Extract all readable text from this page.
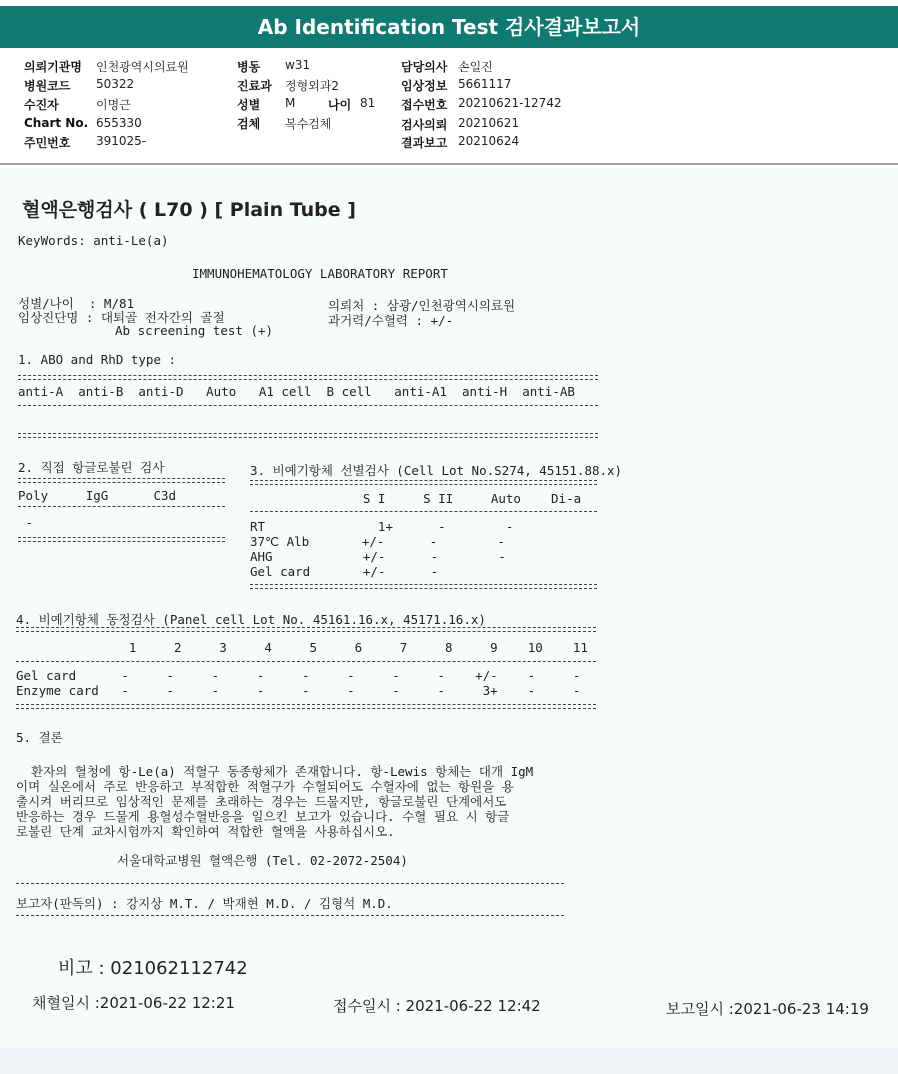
Ab Identification Test 검사결과보고서
의뢰기관명 인천광역시의료원
병원코드 50322
수진자	이명근
Chart No. 655330
주민번호 391025-
병동 w31
진료과 정형외과2
성별 M	나이 81
검체 복수검체
담당의사 손일진
임상정보 5661117
접수번호 20210621-12742
검사의뢰 20210621
결과보고 20210624
혈액은행검사 ( L70 ) [ Plain Tube ]
KeyWords: anti-Le(a)
IMMUNOHEMATOLOGY LABORATORY REPORT
성별/나이  : M/81
임상진단명 : 대퇴골 전자간의 골절
Ab screening test (+)
의뢰처 : 삼광/인천광역시의료원
과거력/수혈력 : +/-
1. ABO and RhD type :
anti-A  anti-B  anti-D   Auto   A1 cell  B cell   anti-A1  anti-H  anti-AB
2. 직접 항글로불린 검사
Poly     IgG      C3d
-
3. 비예기항체 선별검사 (Cell Lot No.S274, 45151.88.x)
S I     S II     Auto    Di-a
RT               1+      -        -
37℃ Alb       +/-      -        -
AHG            +/-      -        -
Gel card       +/-      -
4. 비예기항체 동정검사 (Panel cell Lot No. 45161.16.x, 45171.16.x)
1     2     3     4     5     6     7     8     9    10    11
Gel card      -     -     -     -     -     -     -     -    +/-    -     -
Enzyme card   -     -     -     -     -     -     -     -     3+    -     -
5. 결론
환자의 혈청에 항-Le(a) 적혈구 동종항체가 존재합니다. 항-Lewis 항체는 대개 IgM
이며 실온에서 주로 반응하고 부적합한 적혈구가 수혈되어도 수혈자에 없는 항원을 용
출시켜 버리므로 임상적인 문제를 초래하는 경우는 드물지만, 항글로불린 단계에서도
반응하는 경우 드물게 용혈성수혈반응을 일으킨 보고가 있습니다. 수혈 필요 시 항글
로불린 단계 교차시험까지 확인하여 적합한 혈액을 사용하십시오.
서울대학교병원 혈액은행 (Tel. 02-2072-2504)
보고자(판독의) : 강지상 M.T. / 박재현 M.D. / 김형석 M.D.
비고 : 021062112742
채혈일시 :2021-06-22 12:21	접수일시 : 2021-06-22 12:42	보고일시 :2021-06-23 14:19
